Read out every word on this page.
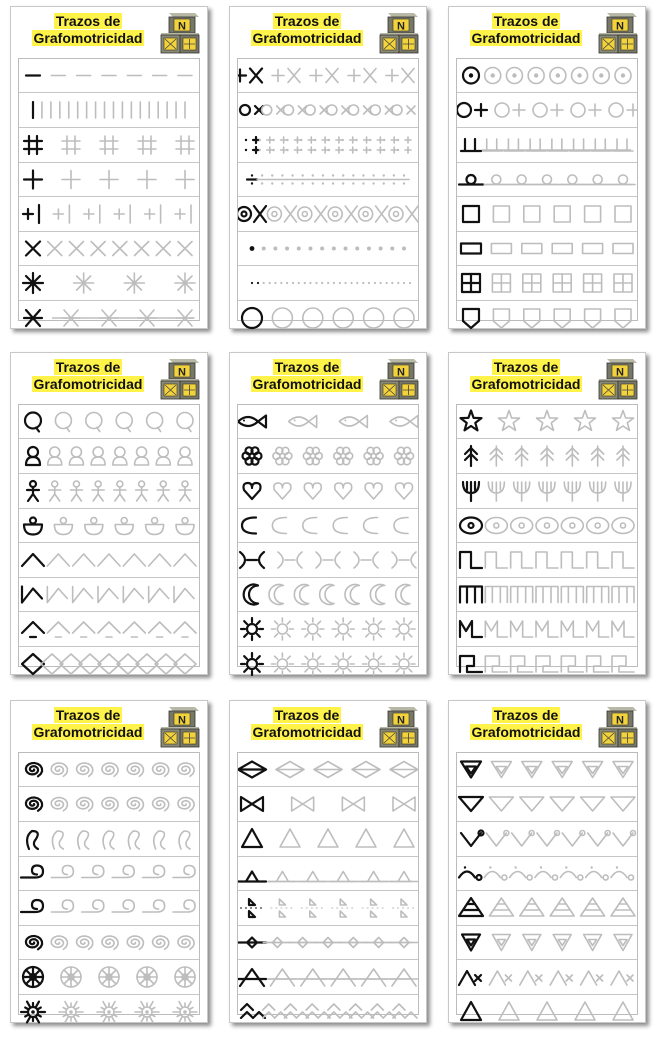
Trazos de
Grafomotricidad
N	Trazos de
Grafomotricidad
N	Trazos de
Grafomotricidad
N
Trazos de
Grafomotricidad
N	Trazos de
Grafomotricidad
N	Trazos de
Grafomotricidad
N
Trazos de
Grafomotricidad
N	Trazos de
Grafomotricidad
N	Trazos de
Grafomotricidad
N
